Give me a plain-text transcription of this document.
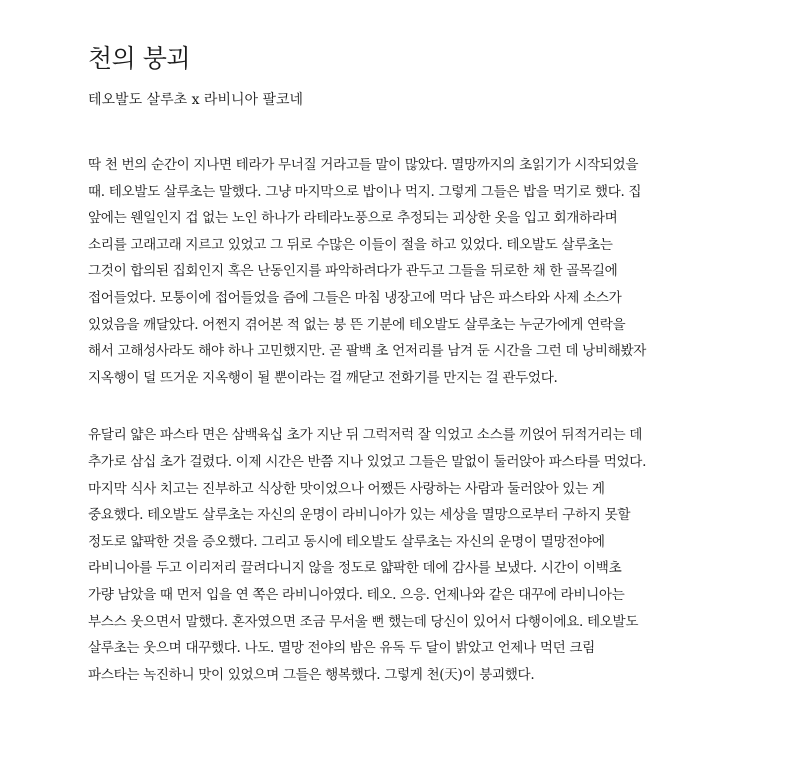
천의 붕괴

테오발도 살루초 x 라비니아 팔코네

딱 천 번의 순간이 지나면 테라가 무너질 거라고들 말이 많았다. 멸망까지의 초읽기가 시작되었을
때. 테오발도 살루초는 말했다. 그냥 마지막으로 밥이나 먹지. 그렇게 그들은 밥을 먹기로 했다. 집
앞에는 웬일인지 겁 없는 노인 하나가 라테라노풍으로 추정되는 괴상한 옷을 입고 회개하라며
소리를 고래고래 지르고 있었고 그 뒤로 수많은 이들이 절을 하고 있었다. 테오발도 살루초는
그것이 합의된 집회인지 혹은 난동인지를 파악하려다가 관두고 그들을 뒤로한 채 한 골목길에
접어들었다. 모퉁이에 접어들었을 즘에 그들은 마침 냉장고에 먹다 남은 파스타와 사제 소스가
있었음을 깨달았다. 어쩐지 겪어본 적 없는 붕 뜬 기분에 테오발도 살루초는 누군가에게 연락을
해서 고해성사라도 해야 하나 고민했지만. 곧 팔백 초 언저리를 남겨 둔 시간을 그런 데 낭비해봤자
지옥행이 덜 뜨거운 지옥행이 될 뿐이라는 걸 깨닫고 전화기를 만지는 걸 관두었다.

유달리 얇은 파스타 면은 삼백육십 초가 지난 뒤 그럭저럭 잘 익었고 소스를 끼얹어 뒤적거리는 데
추가로 삼십 초가 걸렸다. 이제 시간은 반쯤 지나 있었고 그들은 말없이 둘러앉아 파스타를 먹었다.
마지막 식사 치고는 진부하고 식상한 맛이었으나 어쨌든 사랑하는 사람과 둘러앉아 있는 게
중요했다. 테오발도 살루초는 자신의 운명이 라비니아가 있는 세상을 멸망으로부터 구하지 못할
정도로 얇팍한 것을 증오했다. 그리고 동시에 테오발도 살루초는 자신의 운명이 멸망전야에
라비니아를 두고 이리저리 끌려다니지 않을 정도로 얇팍한 데에 감사를 보냈다. 시간이 이백초
가량 남았을 때 먼저 입을 연 쪽은 라비니아였다. 테오. 으응. 언제나와 같은 대꾸에 라비니아는
부스스 웃으면서 말했다. 혼자였으면 조금 무서울 뻔 했는데 당신이 있어서 다행이에요. 테오발도
살루초는 웃으며 대꾸했다. 나도. 멸망 전야의 밤은 유독 두 달이 밝았고 언제나 먹던 크림
파스타는 녹진하니 맛이 있었으며 그들은 행복했다. 그렇게 천(天)이 붕괴했다.
